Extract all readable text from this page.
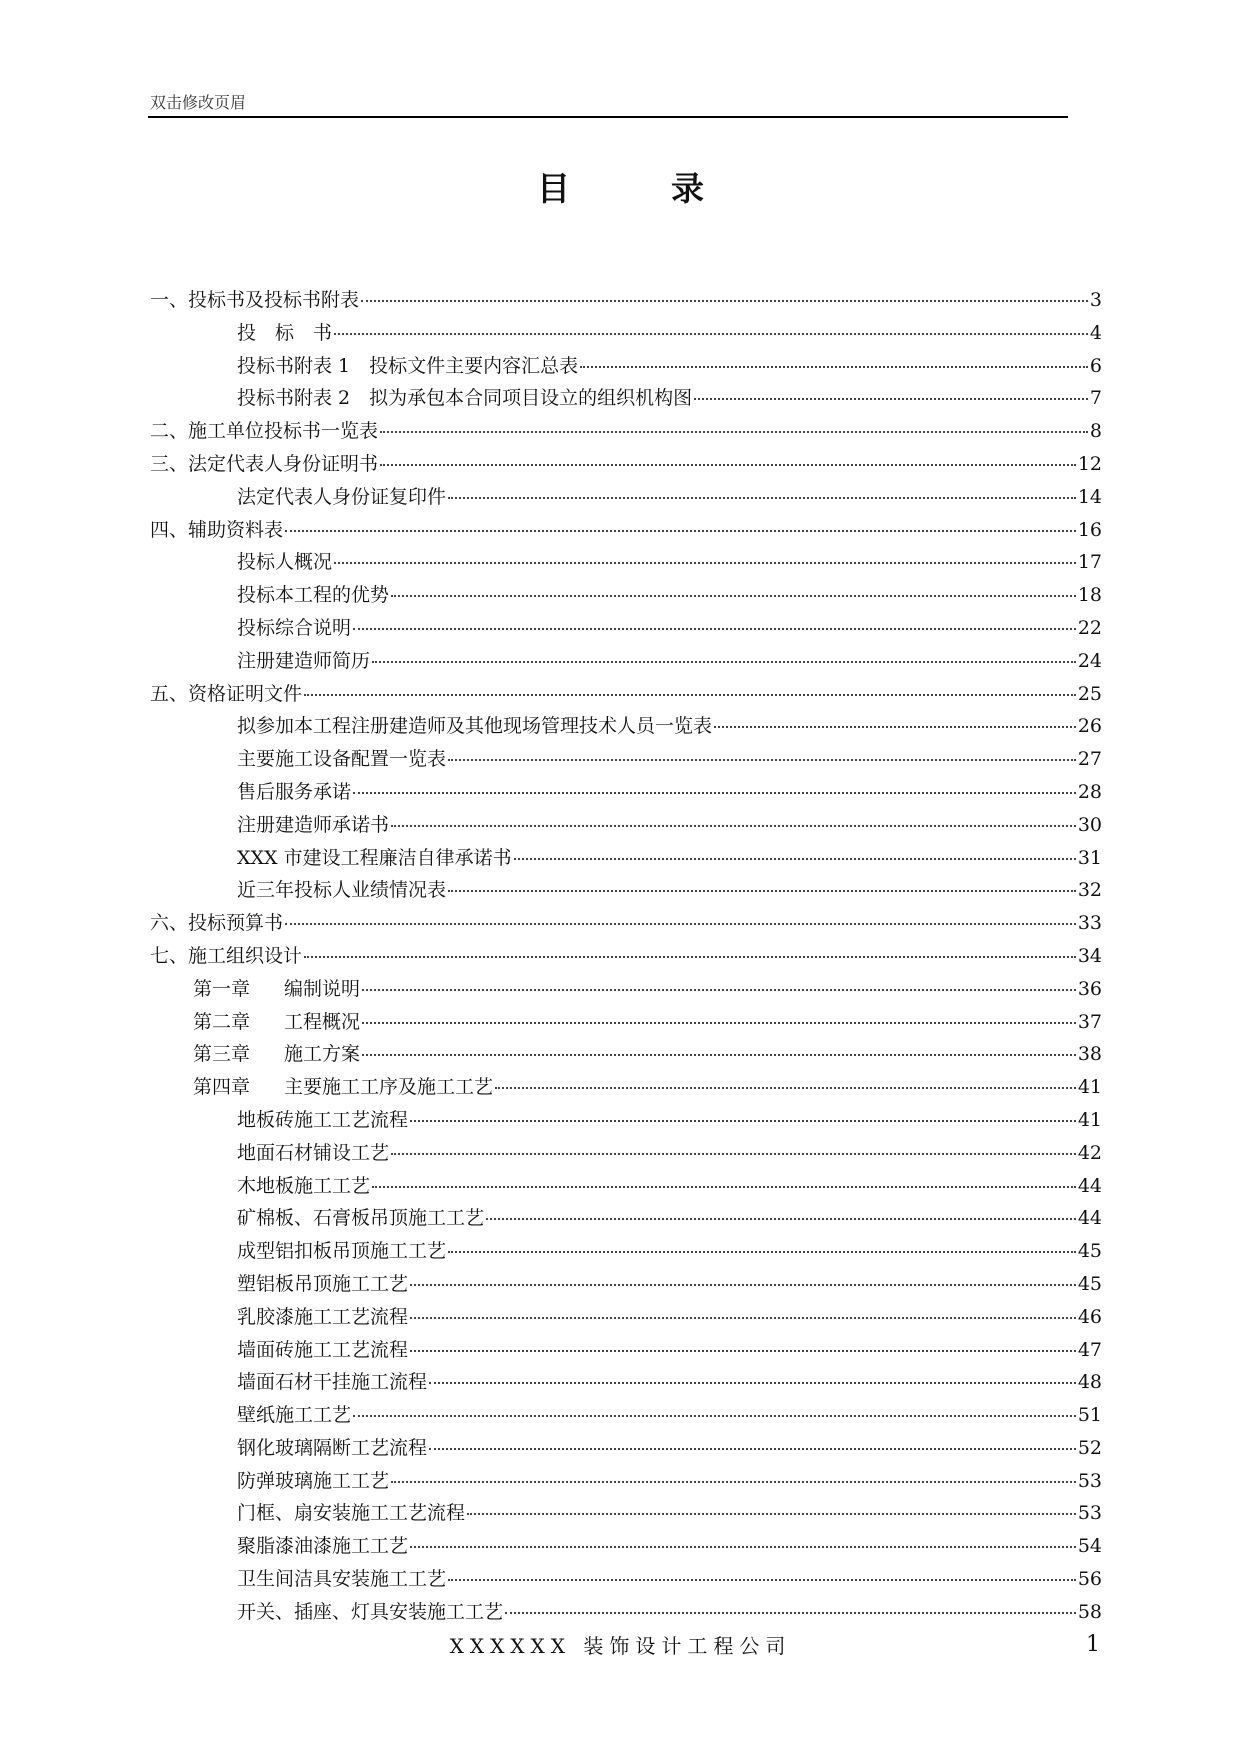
双击修改页眉
目　录
一、投标书及投标书附表	3
投　标　书	4
投标书附表 1　投标文件主要内容汇总表	6
投标书附表 2　拟为承包本合同项目设立的组织机构图	7
二、施工单位投标书一览表	8
三、法定代表人身份证明书	12
法定代表人身份证复印件	14
四、辅助资料表	16
投标人概况	17
投标本工程的优势	18
投标综合说明	22
注册建造师简历	24
五、资格证明文件	25
拟参加本工程注册建造师及其他现场管理技术人员一览表	26
主要施工设备配置一览表	27
售后服务承诺	28
注册建造师承诺书	30
XXX 市建设工程廉洁自律承诺书	31
近三年投标人业绩情况表	32
六、投标预算书	33
七、施工组织设计	34
第一章 编制说明	36
第二章 工程概况	37
第三章 施工方案	38
第四章 主要施工工序及施工工艺	41
地板砖施工工艺流程	41
地面石材铺设工艺	42
木地板施工工艺	44
矿棉板、石膏板吊顶施工工艺	44
成型铝扣板吊顶施工工艺	45
塑铝板吊顶施工工艺	45
乳胶漆施工工艺流程	46
墙面砖施工工艺流程	47
墙面石材干挂施工流程	48
壁纸施工工艺	51
钢化玻璃隔断工艺流程	52
防弹玻璃施工工艺	53
门框、扇安装施工工艺流程	53
聚脂漆油漆施工工艺	54
卫生间洁具安装施工工艺	56
开关、插座、灯具安装施工工艺	58
XXXXXX 装饰设计工程公司	1
